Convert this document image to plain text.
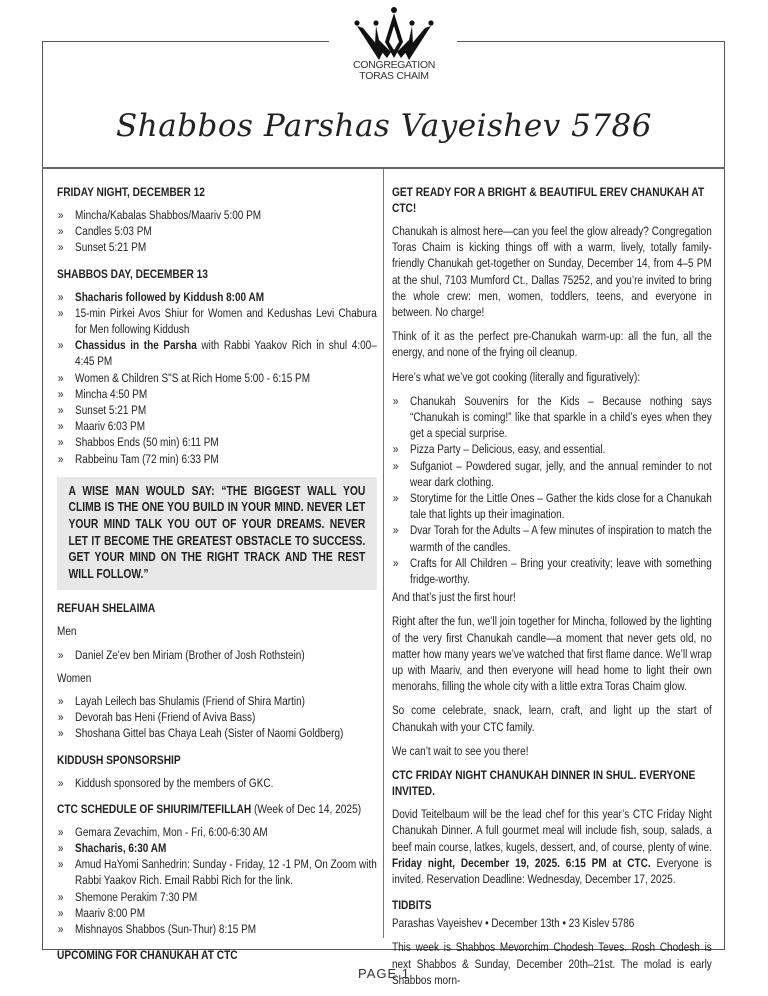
CONGREGATION
TORAS CHAIM
Shabbos Parshas Vayeishev 5786
FRIDAY NIGHT, DECEMBER 12
» Mincha/Kabalas Shabbos/Maariv 5:00 PM
» Candles 5:03 PM
» Sunset 5:21 PM
SHABBOS DAY, DECEMBER 13
» Shacharis followed by Kiddush 8:00 AM
» 15-min Pirkei Avos Shiur for Women and Kedushas Levi Chabura for Men following Kiddush
» Chassidus in the Parsha with Rabbi Yaakov Rich in shul 4:00–4:45 PM
» Women & Children S"S at Rich Home 5:00 - 6:15 PM
» Mincha 4:50 PM
» Sunset 5:21 PM
» Maariv 6:03 PM
» Shabbos Ends (50 min) 6:11 PM
» Rabbeinu Tam (72 min) 6:33 PM
A WISE MAN WOULD SAY: “THE BIGGEST WALL YOU CLIMB IS THE ONE YOU BUILD IN YOUR MIND. NEVER LET YOUR MIND TALK YOU OUT OF YOUR DREAMS. NEVER LET IT BECOME THE GREATEST OBSTACLE TO SUCCESS. GET YOUR MIND ON THE RIGHT TRACK AND THE REST WILL FOLLOW.”
REFUAH SHELAIMA

Men

» Daniel Ze'ev ben Miriam (Brother of Josh Rothstein)

Women

» Layah Leilech bas Shulamis (Friend of Shira Martin)
» Devorah bas Heni (Friend of Aviva Bass)
» Shoshana Gittel bas Chaya Leah (Sister of Naomi Goldberg)
KIDDUSH SPONSORSHIP
» Kiddush sponsored by the members of GKC.
CTC SCHEDULE OF SHIURIM/TEFILLAH (Week of Dec 14, 2025)
» Gemara Zevachim, Mon - Fri, 6:00-6:30 AM
» Shacharis, 6:30 AM
» Amud HaYomi Sanhedrin: Sunday - Friday, 12 -1 PM, On Zoom with Rabbi Yaakov Rich. Email Rabbi Rich for the link.
» Shemone Perakim 7:30 PM
» Maariv 8:00 PM
» Mishnayos Shabbos (Sun-Thur) 8:15 PM
UPCOMING FOR CHANUKAH AT CTC
GET READY FOR A BRIGHT & BEAUTIFUL EREV CHANUKAH AT CTC!

Chanukah is almost here—can you feel the glow already? Congregation Toras Chaim is kicking things off with a warm, lively, totally family-friendly Chanukah get-together on Sunday, December 14, from 4–5 PM at the shul, 7103 Mumford Ct., Dallas 75252, and you’re invited to bring the whole crew: men, women, toddlers, teens, and everyone in between. No charge!

Think of it as the perfect pre-Chanukah warm-up: all the fun, all the energy, and none of the frying oil cleanup.

Here’s what we’ve got cooking (literally and figuratively):

» Chanukah Souvenirs for the Kids – Because nothing says “Chanukah is coming!” like that sparkle in a child’s eyes when they get a special surprise.
» Pizza Party – Delicious, easy, and essential.
» Sufganiot – Powdered sugar, jelly, and the annual reminder to not wear dark clothing.
» Storytime for the Little Ones – Gather the kids close for a Chanukah tale that lights up their imagination.
» Dvar Torah for the Adults – A few minutes of inspiration to match the warmth of the candles.
» Crafts for All Children – Bring your creativity; leave with something fridge-worthy.

And that’s just the first hour!

Right after the fun, we’ll join together for Mincha, followed by the lighting of the very first Chanukah candle—a moment that never gets old, no matter how many years we’ve watched that first flame dance. We’ll wrap up with Maariv, and then everyone will head home to light their own menorahs, filling the whole city with a little extra Toras Chaim glow.

So come celebrate, snack, learn, craft, and light up the start of Chanukah with your CTC family.

We can’t wait to see you there!

CTC FRIDAY NIGHT CHANUKAH DINNER IN SHUL. EVERYONE INVITED.

Dovid Teitelbaum will be the lead chef for this year’s CTC Friday Night Chanukah Dinner. A full gourmet meal will include fish, soup, salads, a beef main course, latkes, kugels, dessert, and, of course, plenty of wine. Friday night, December 19, 2025. 6:15 PM at CTC. Everyone is invited. Reservation Deadline: Wednesday, December 17, 2025.

TIDBITS

Parashas Vayeishev • December 13th • 23 Kislev 5786

This week is Shabbos Mevorchim Chodesh Teves. Rosh Chodesh is next Shabbos & Sunday, December 20th–21st. The molad is early Shabbos morn-

PAGE 1
